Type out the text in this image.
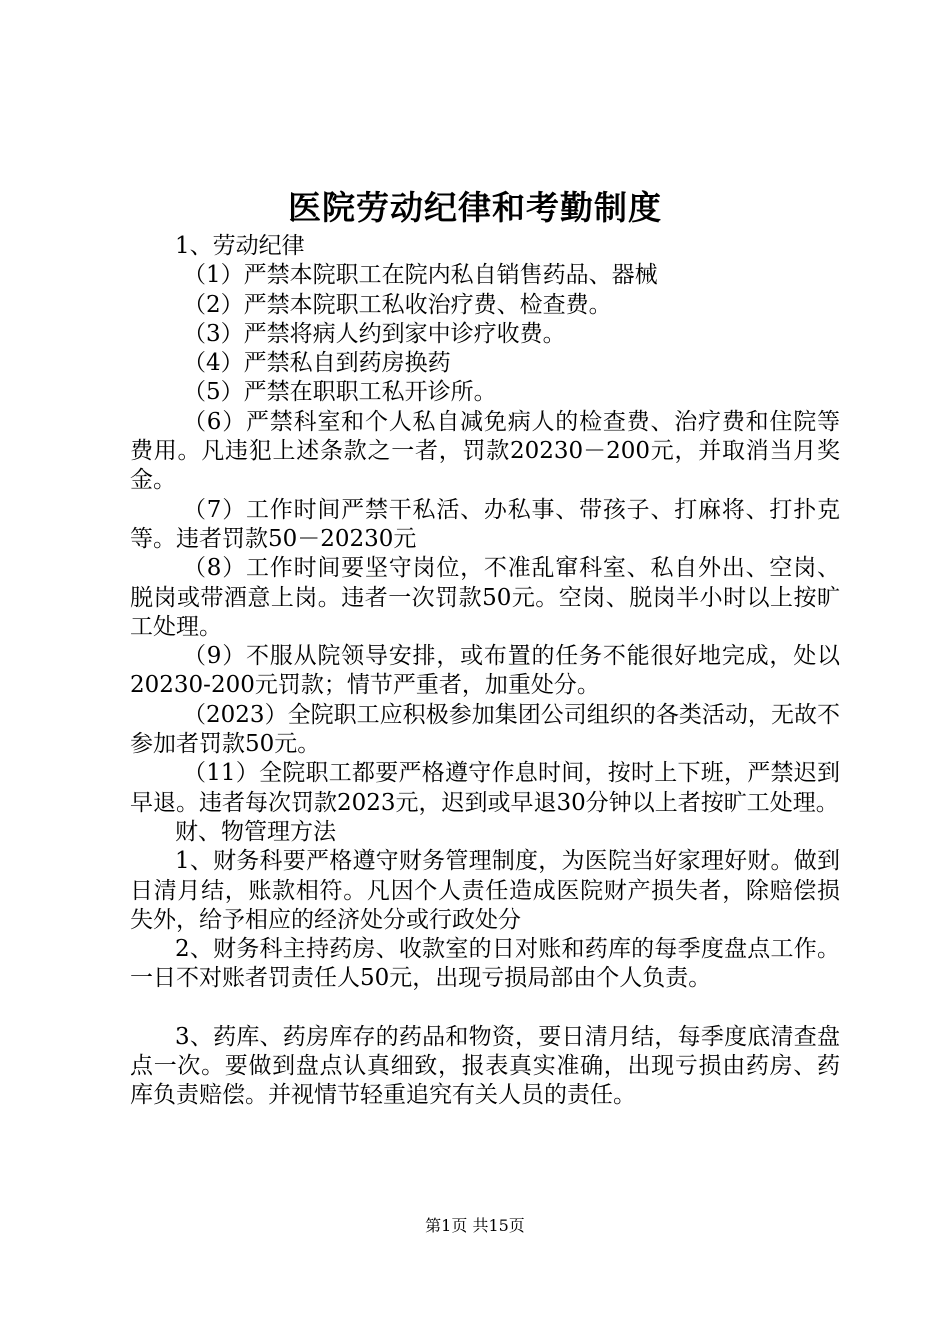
医院劳动纪律和考勤制度

1、劳动纪律

（1）严禁本院职工在院内私自销售药品、器械

（2）严禁本院职工私收治疗费、检查费。

（3）严禁将病人约到家中诊疗收费。

（4）严禁私自到药房换药

（5）严禁在职职工私开诊所。

（6）严禁科室和个人私自减免病人的检查费、治疗费和住院等费用。凡违犯上述条款之一者，罚款20230－200元，并取消当月奖金。

（7）工作时间严禁干私活、办私事、带孩子、打麻将、打扑克等。违者罚款50－20230元

（8）工作时间要坚守岗位，不准乱窜科室、私自外出、空岗、脱岗或带酒意上岗。违者一次罚款50元。空岗、脱岗半小时以上按旷工处理。

（9）不服从院领导安排，或布置的任务不能很好地完成，处以20230-200元罚款；情节严重者，加重处分。

（2023）全院职工应积极参加集团公司组织的各类活动，无故不参加者罚款50元。

（11）全院职工都要严格遵守作息时间，按时上下班，严禁迟到早退。违者每次罚款2023元，迟到或早退30分钟以上者按旷工处理。

财、物管理方法

1、财务科要严格遵守财务管理制度，为医院当好家理好财。做到日清月结，账款相符。凡因个人责任造成医院财产损失者，除赔偿损失外，给予相应的经济处分或行政处分

2、财务科主持药房、收款室的日对账和药库的每季度盘点工作。一日不对账者罚责任人50元，出现亏损局部由个人负责。

3、药库、药房库存的药品和物资，要日清月结，每季度底清查盘点一次。要做到盘点认真细致，报表真实准确，出现亏损由药房、药库负责赔偿。并视情节轻重追究有关人员的责任。

第1页 共15页
